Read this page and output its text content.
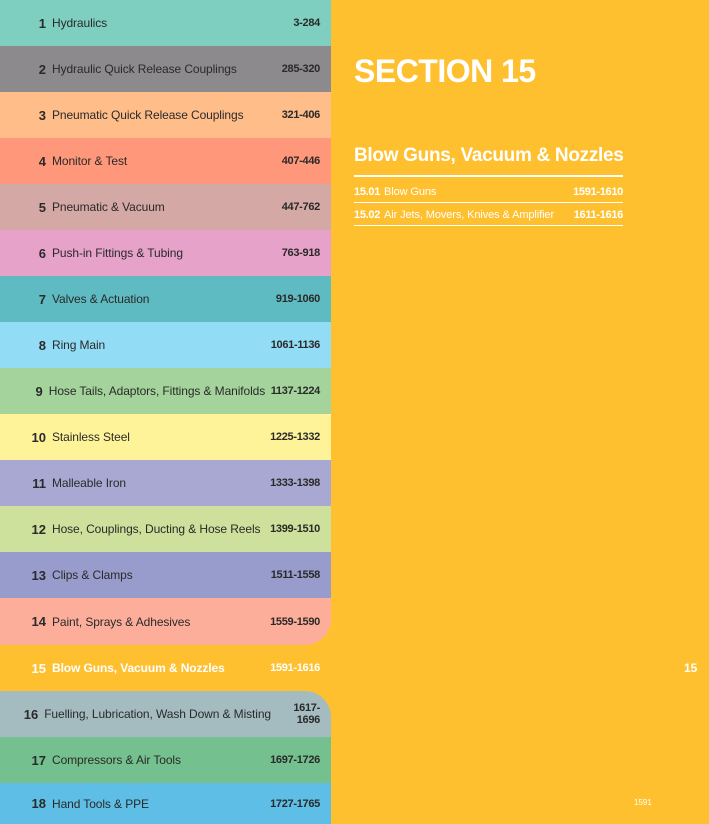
1 Hydraulics	3-284
2 Hydraulic Quick Release Couplings	285-320
3 Pneumatic Quick Release Couplings	321-406
4 Monitor & Test	407-446
5 Pneumatic & Vacuum	447-762
6 Push-in Fittings & Tubing	763-918
7 Valves & Actuation	919-1060
8 Ring Main	1061-1136
9 Hose Tails, Adaptors, Fittings & Manifolds 1137-1224
10 Stainless Steel	1225-1332
11 Malleable Iron	1333-1398
12 Hose, Couplings, Ducting & Hose Reels 1399-1510
13 Clips & Clamps	1511-1558
14 Paint, Sprays & Adhesives	1559-1590
15 Blow Guns, Vacuum & Nozzles	1591-1616
16 Fuelling, Lubrication, Wash Down & Misting	1617-1696
17 Compressors & Air Tools	1697-1726
18 Hand Tools & PPE	1727-1765
SECTION 15
Blow Guns, Vacuum & Nozzles
15.01 Blow Guns	1591-1610
15.02 Air Jets, Movers, Knives & Amplifier	1611-1616
15
1591
